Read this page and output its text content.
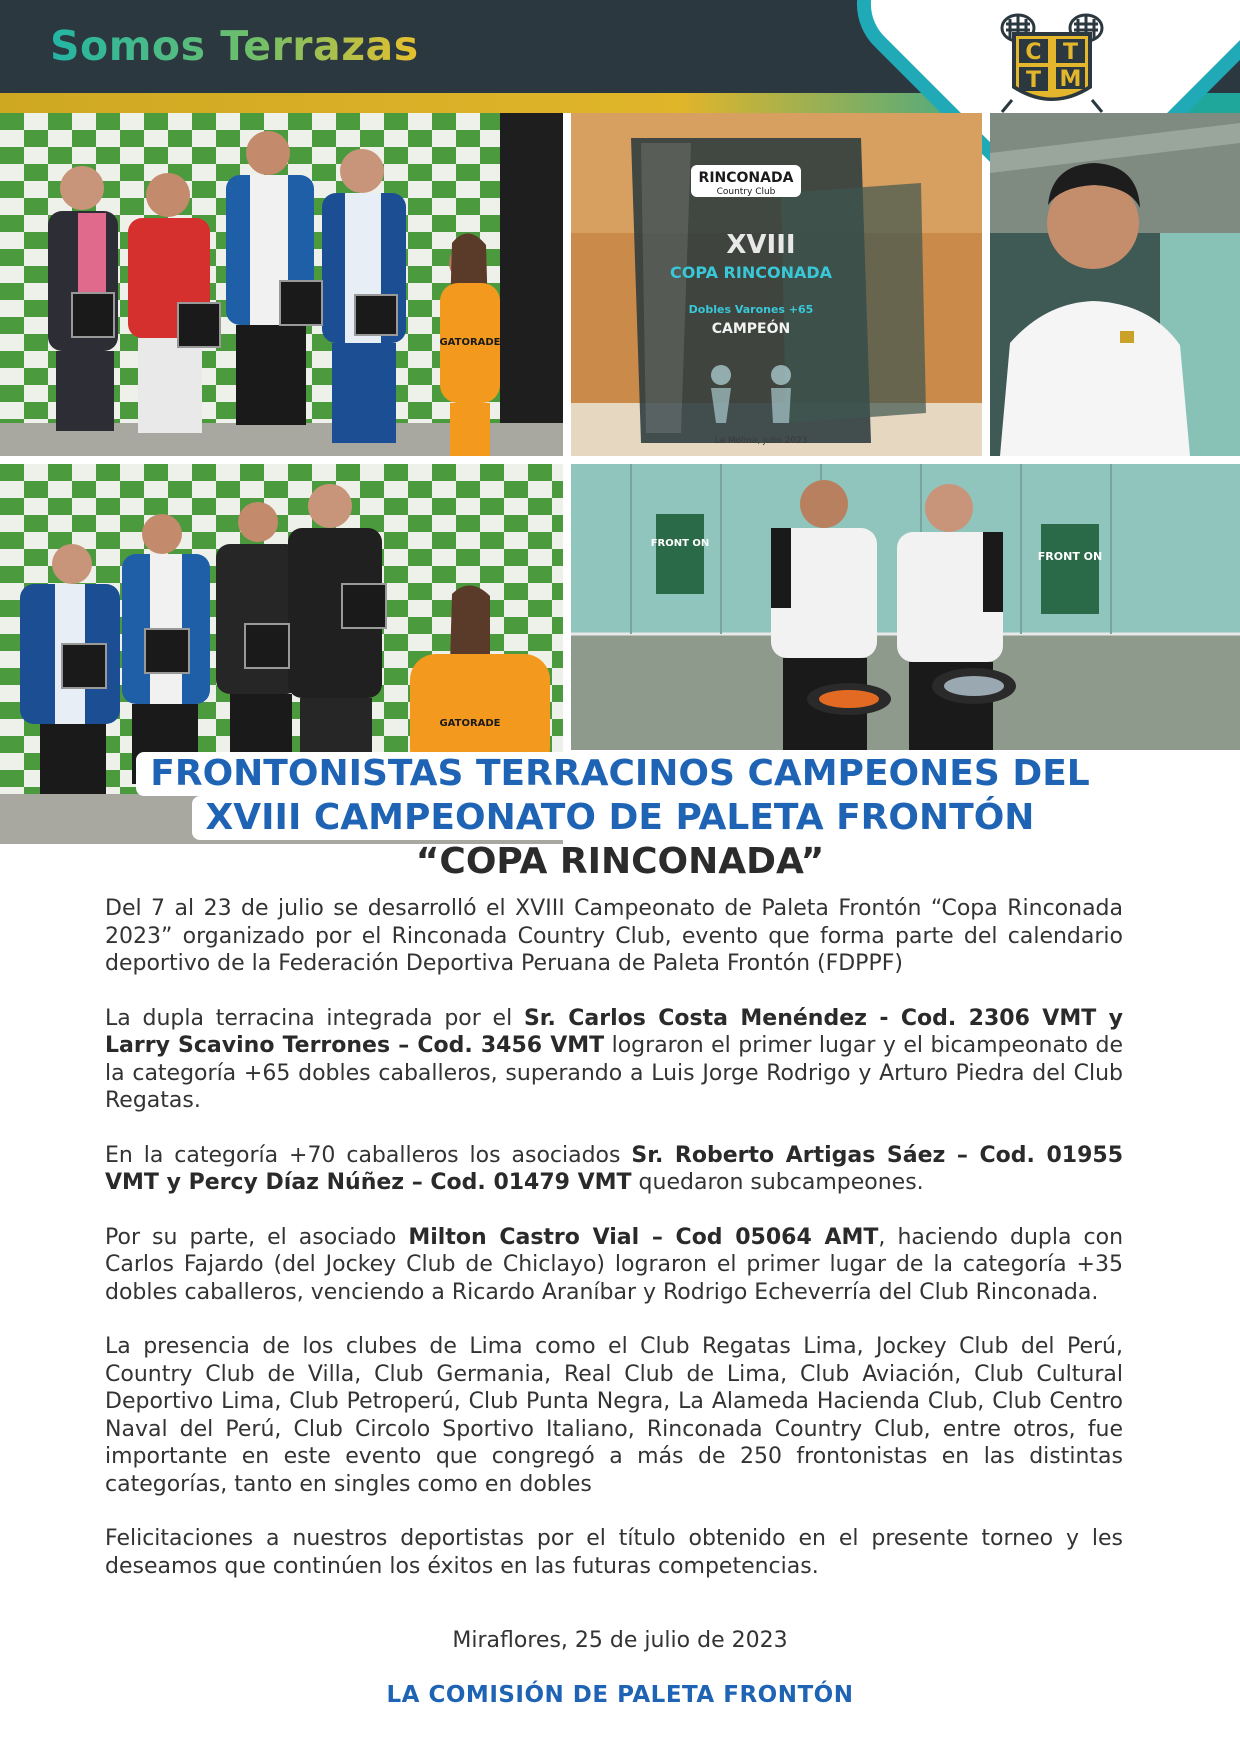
Somos Terrazas	C T
T M
GATORADE
RINCONADA
Country Club
XVIII
COPA RINCONADA
Dobles Varones +65
CAMPEÓN
La Molina, julio 2023
GATORADE
FRONT ON
FRONT ON
FRONTONISTAS TERRACINOS CAMPEONES DEL
XVIII CAMPEONATO DE PALETA FRONTÓN
“COPA RINCONADA”

Del 7 al 23 de julio se desarrolló el XVIII Campeonato de Paleta Frontón “Copa Rinconada 2023” organizado por el Rinconada Country Club, evento que forma parte del calendario deportivo de la Federación Deportiva Peruana de Paleta Frontón (FDPPF)

La dupla terracina integrada por el Sr. Carlos Costa Menéndez - Cod. 2306 VMT y Larry Scavino Terrones – Cod. 3456 VMT lograron el primer lugar y el bicampeonato de la categoría +65 dobles caballeros, superando a Luis Jorge Rodrigo y Arturo Piedra del Club Regatas.

En la categoría +70 caballeros los asociados Sr. Roberto Artigas Sáez – Cod. 01955 VMT y Percy Díaz Núñez – Cod. 01479 VMT quedaron subcampeones.

Por su parte, el asociado Milton Castro Vial – Cod 05064 AMT, haciendo dupla con Carlos Fajardo (del Jockey Club de Chiclayo) lograron el primer lugar de la categoría +35 dobles caballeros, venciendo a Ricardo Araníbar y Rodrigo Echeverría del Club Rinconada.

La presencia de los clubes de Lima como el Club Regatas Lima, Jockey Club del Perú, Country Club de Villa, Club Germania, Real Club de Lima, Club Aviación, Club Cultural Deportivo Lima, Club Petroperú, Club Punta Negra, La Alameda Hacienda Club, Club Centro Naval del Perú, Club Circolo Sportivo Italiano, Rinconada Country Club, entre otros, fue importante en este evento que congregó a más de 250 frontonistas en las distintas categorías, tanto en singles como en dobles

Felicitaciones a nuestros deportistas por el título obtenido en el presente torneo y les deseamos que continúen los éxitos en las futuras competencias.

Miraflores, 25 de julio de 2023
LA COMISIÓN DE PALETA FRONTÓN
